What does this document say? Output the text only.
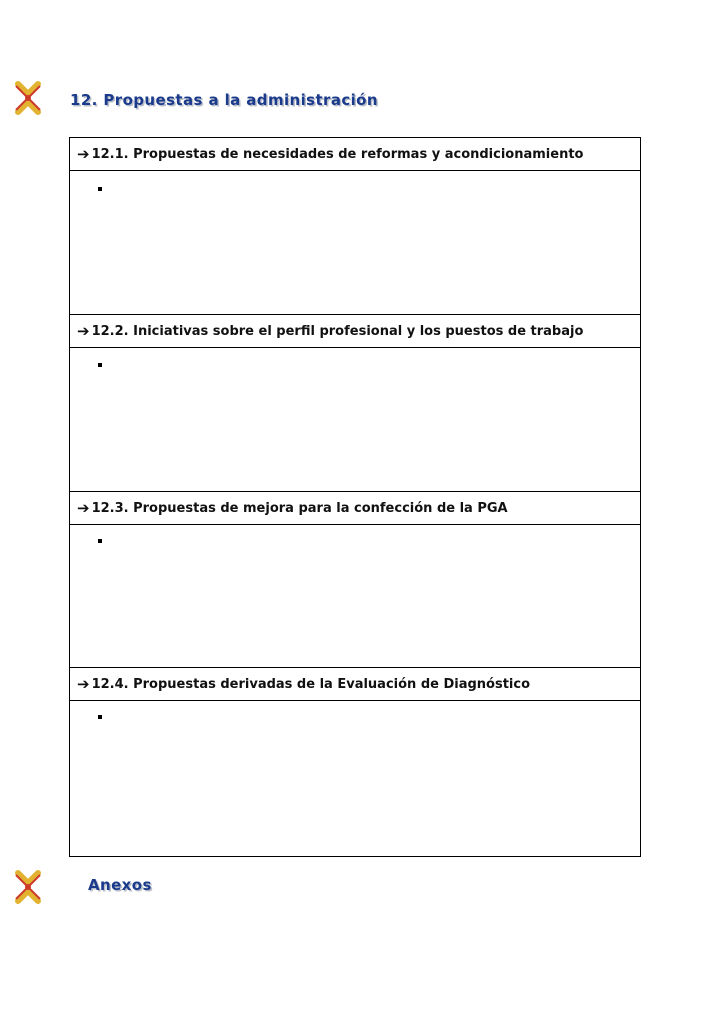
12. Propuestas a la administración
➔ 12.1. Propuestas de necesidades de reformas y acondicionamiento
➔ 12.2. Iniciativas sobre el perfil profesional y los puestos de trabajo
➔ 12.3. Propuestas de mejora para la confección de la PGA
➔ 12.4. Propuestas derivadas de la Evaluación de Diagnóstico
Anexos
